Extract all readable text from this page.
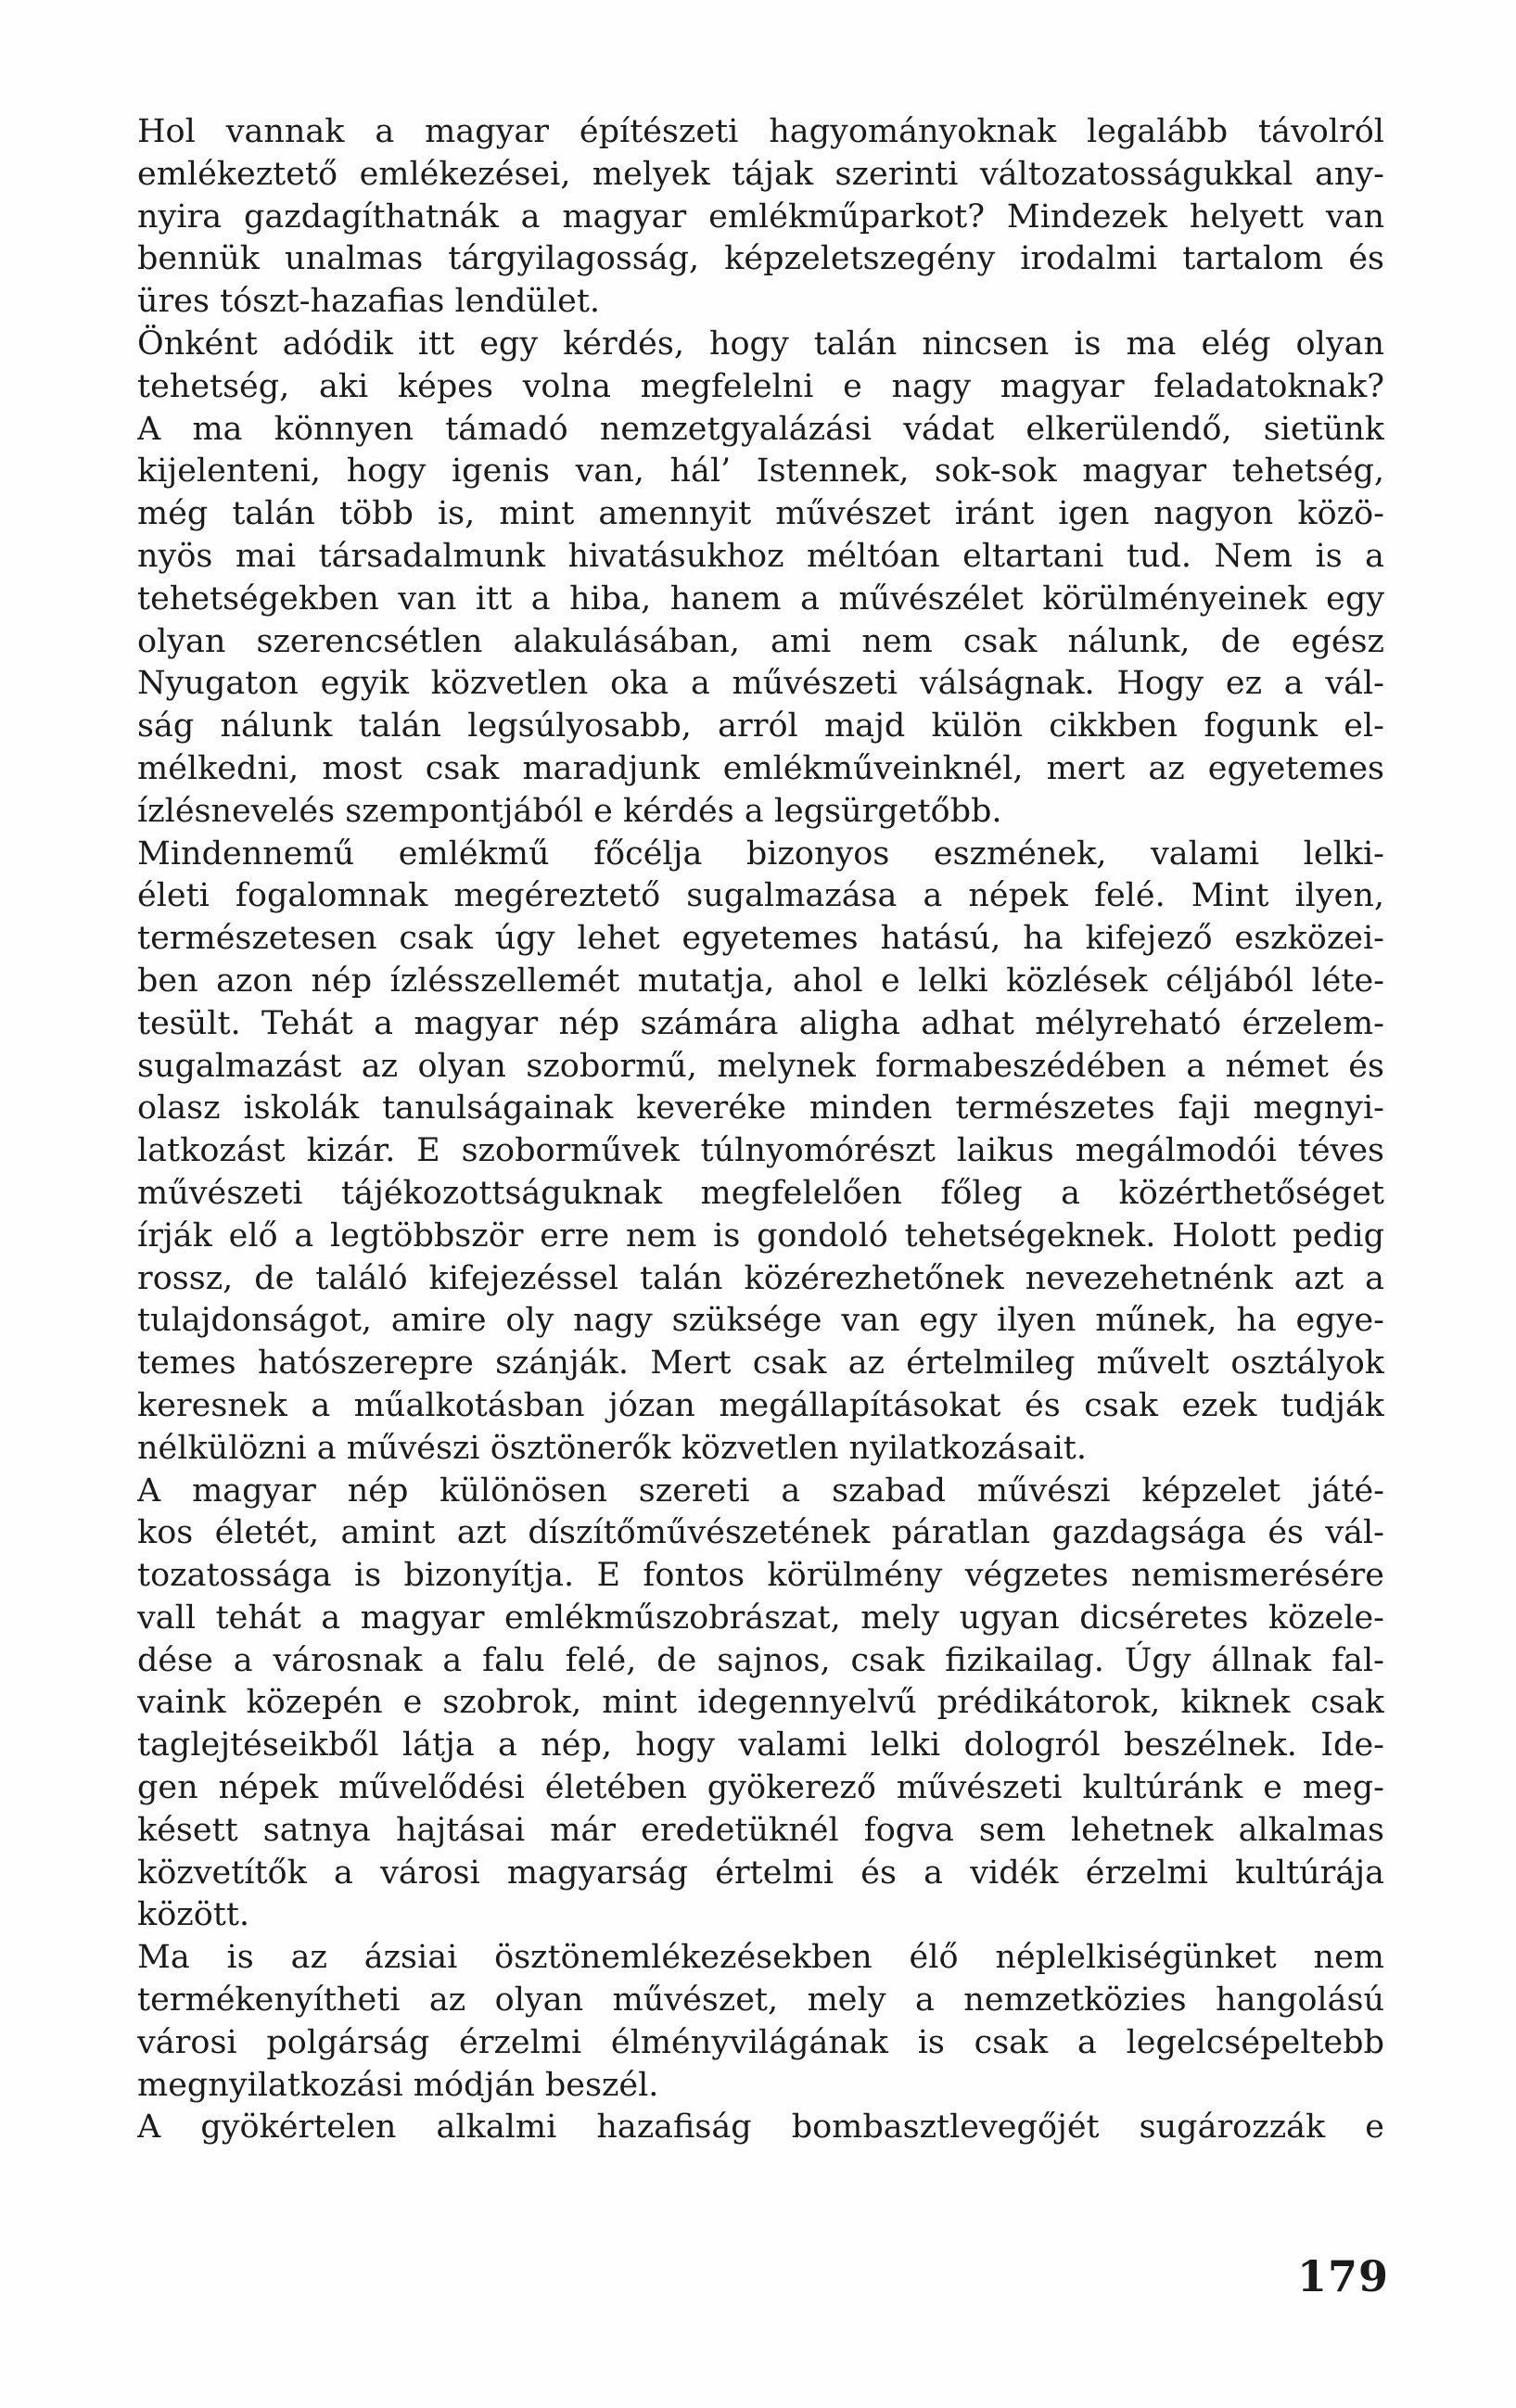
Hol vannak a magyar építészeti hagyományoknak legalább távolról
emlékeztető emlékezései, melyek tájak szerinti változatosságukkal any-
nyira gazdagíthatnák a magyar emlékműparkot? Mindezek helyett van
bennük unalmas tárgyilagosság, képzeletszegény irodalmi tartalom és
üres tószt-hazafias lendület.
Önként adódik itt egy kérdés, hogy talán nincsen is ma elég olyan
tehetség, aki képes volna megfelelni e nagy magyar feladatoknak?
A ma könnyen támadó nemzetgyalázási vádat elkerülendő, sietünk
kijelenteni, hogy igenis van, hál’ Istennek, sok-sok magyar tehetség,
még talán több is, mint amennyit művészet iránt igen nagyon közö-
nyös mai társadalmunk hivatásukhoz méltóan eltartani tud. Nem is a
tehetségekben van itt a hiba, hanem a művészélet körülményeinek egy
olyan szerencsétlen alakulásában, ami nem csak nálunk, de egész
Nyugaton egyik közvetlen oka a művészeti válságnak. Hogy ez a vál-
ság nálunk talán legsúlyosabb, arról majd külön cikkben fogunk el-
mélkedni, most csak maradjunk emlékműveinknél, mert az egyetemes
ízlésnevelés szempontjából e kérdés a legsürgetőbb.
Mindennemű emlékmű főcélja bizonyos eszmének, valami lelki-
életi fogalomnak megéreztető sugalmazása a népek felé. Mint ilyen,
természetesen csak úgy lehet egyetemes hatású, ha kifejező eszközei-
ben azon nép ízlésszellemét mutatja, ahol e lelki közlések céljából léte-
tesült. Tehát a magyar nép számára aligha adhat mélyreható érzelem-
sugalmazást az olyan szobormű, melynek formabeszédében a német és
olasz iskolák tanulságainak keveréke minden természetes faji megnyi-
latkozást kizár. E szoborművek túlnyomórészt laikus megálmodói téves
művészeti tájékozottságuknak megfelelően főleg a közérthetőséget
írják elő a legtöbbször erre nem is gondoló tehetségeknek. Holott pedig
rossz, de találó kifejezéssel talán közérezhetőnek nevezehetnénk azt a
tulajdonságot, amire oly nagy szüksége van egy ilyen műnek, ha egye-
temes hatószerepre szánják. Mert csak az értelmileg művelt osztályok
keresnek a műalkotásban józan megállapításokat és csak ezek tudják
nélkülözni a művészi ösztönerők közvetlen nyilatkozásait.
A magyar nép különösen szereti a szabad művészi képzelet játé-
kos életét, amint azt díszítőművészetének páratlan gazdagsága és vál-
tozatossága is bizonyítja. E fontos körülmény végzetes nemismerésére
vall tehát a magyar emlékműszobrászat, mely ugyan dicséretes közele-
dése a városnak a falu felé, de sajnos, csak fizikailag. Úgy állnak fal-
vaink közepén e szobrok, mint idegennyelvű prédikátorok, kiknek csak
taglejtéseikből látja a nép, hogy valami lelki dologról beszélnek. Ide-
gen népek művelődési életében gyökerező művészeti kultúránk e meg-
késett satnya hajtásai már eredetüknél fogva sem lehetnek alkalmas
közvetítők a városi magyarság értelmi és a vidék érzelmi kultúrája
között.
Ma is az ázsiai ösztönemlékezésekben élő néplelkiségünket nem
termékenyítheti az olyan művészet, mely a nemzetközies hangolású
városi polgárság érzelmi élményvilágának is csak a legelcsépeltebb
megnyilatkozási módján beszél.
A gyökértelen alkalmi hazafiság bombasztlevegőjét sugározzák e
179
